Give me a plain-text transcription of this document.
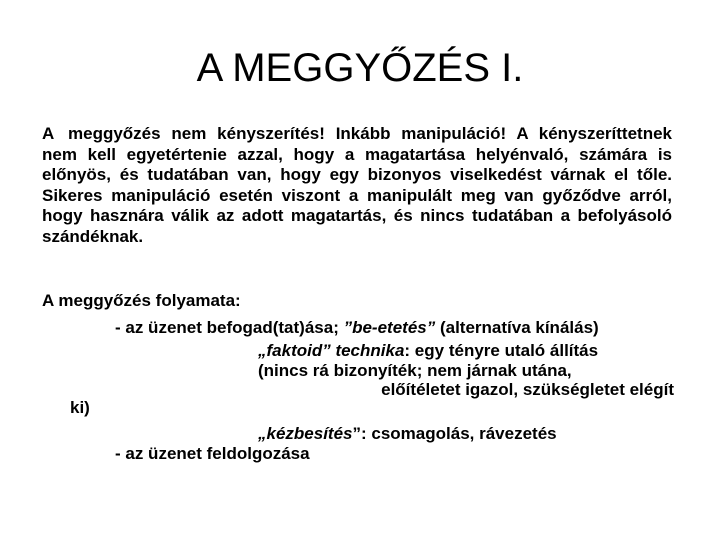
A MEGGYŐZÉS I.

A meggyőzés nem kényszerítés! Inkább manipuláció! A kényszeríttetnek nem kell egyetértenie azzal, hogy a magatartása helyénvaló, számára is előnyös, és tudatában van, hogy egy bizonyos viselkedést várnak el tőle. Sikeres manipuláció esetén viszont a manipulált meg van győződve arról, hogy hasznára válik az adott magatartás, és nincs tudatában a befolyásoló szándéknak.

A meggyőzés folyamata:
- az üzenet befogad(tat)ása; ”be-etetés” (alternatíva kínálás)
„faktoid” technika: egy tényre utaló állítás
(nincs rá bizonyíték; nem járnak utána,
előítéletet igazol, szükségletet elégít
ki)
„kézbesítés”: csomagolás, rávezetés
- az üzenet feldolgozása
